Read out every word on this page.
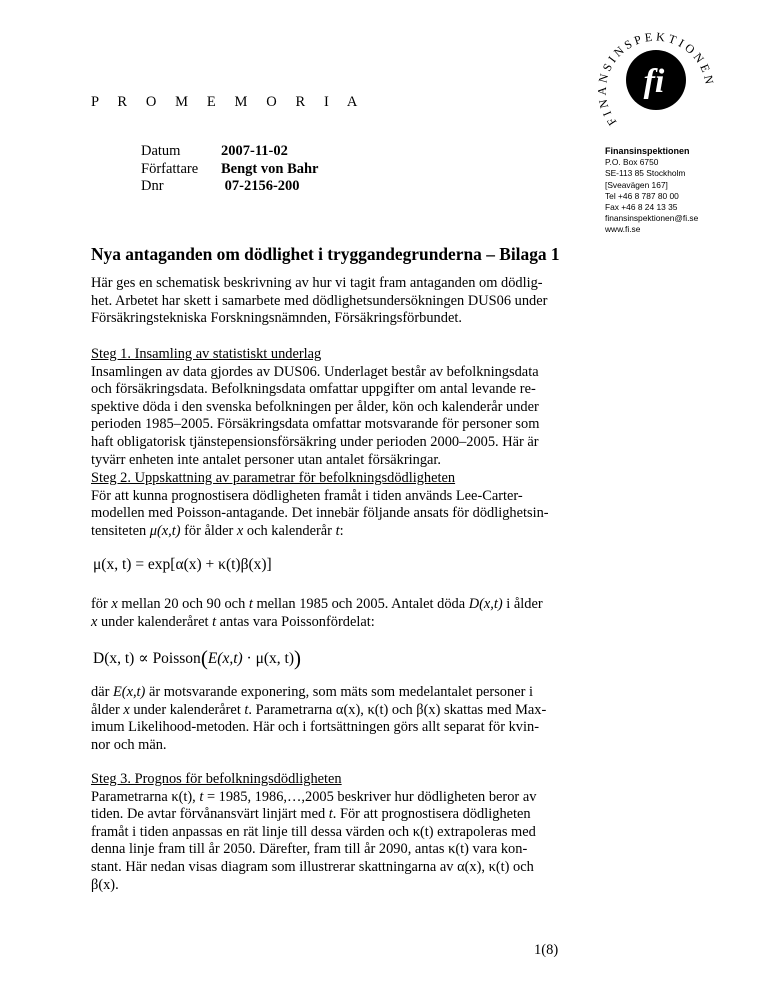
P R O M E M O R I A
Datum	2007-11-02
Författare	Bengt von Bahr
Dnr	07-2156-200
FINANSINSPEKTIONEN
fi
Finansinspektionen
P.O. Box 6750
SE-113 85 Stockholm
[Sveavägen 167]
Tel +46 8 787 80 00
Fax +46 8 24 13 35
finansinspektionen@fi.se
www.fi.se
Nya antaganden om dödlighet i tryggandegrunderna – Bilaga 1
Här ges en schematisk beskrivning av hur vi tagit fram antaganden om dödlig-
het. Arbetet har skett i samarbete med dödlighetsundersökningen DUS06 under
Försäkringstekniska Forskningsnämnden, Försäkringsförbundet.
Steg 1. Insamling av statistiskt underlag
Insamlingen av data gjordes av DUS06. Underlaget består av befolkningsdata
och försäkringsdata. Befolkningsdata omfattar uppgifter om antal levande re-
spektive döda i den svenska befolkningen per ålder, kön och kalenderår under
perioden 1985–2005. Försäkringsdata omfattar motsvarande för personer som
haft obligatorisk tjänstepensionsförsäkring under perioden 2000–2005. Här är
tyvärr enheten inte antalet personer utan antalet försäkringar.
Steg 2. Uppskattning av parametrar för befolkningsdödligheten
För att kunna prognostisera dödligheten framåt i tiden används Lee-Carter-
modellen med Poisson-antagande. Det innebär följande ansats för dödlighetsin-
tensiteten μ(x,t) för ålder x och kalenderår t:
μ(x, t) = exp[α(x) + κ(t)β(x)]
för x mellan 20 och 90 och t mellan 1985 och 2005. Antalet döda D(x,t) i ålder
x under kalenderåret t antas vara Poissonfördelat:
D(x, t) ∝ Poisson(E(x,t) · μ(x, t))
där E(x,t) är motsvarande exponering, som mäts som medelantalet personer i
ålder x under kalenderåret t. Parametrarna α(x), κ(t) och β(x) skattas med Max-
imum Likelihood-metoden. Här och i fortsättningen görs allt separat för kvin-
nor och män.
Steg 3. Prognos för befolkningsdödligheten
Parametrarna κ(t), t = 1985, 1986,…,2005 beskriver hur dödligheten beror av
tiden. De avtar förvånansvärt linjärt med t. För att prognostisera dödligheten
framåt i tiden anpassas en rät linje till dessa värden och κ(t) extrapoleras med
denna linje fram till år 2050. Därefter, fram till år 2090, antas κ(t) vara kon-
stant. Här nedan visas diagram som illustrerar skattningarna av α(x), κ(t) och
β(x).
1(8)
